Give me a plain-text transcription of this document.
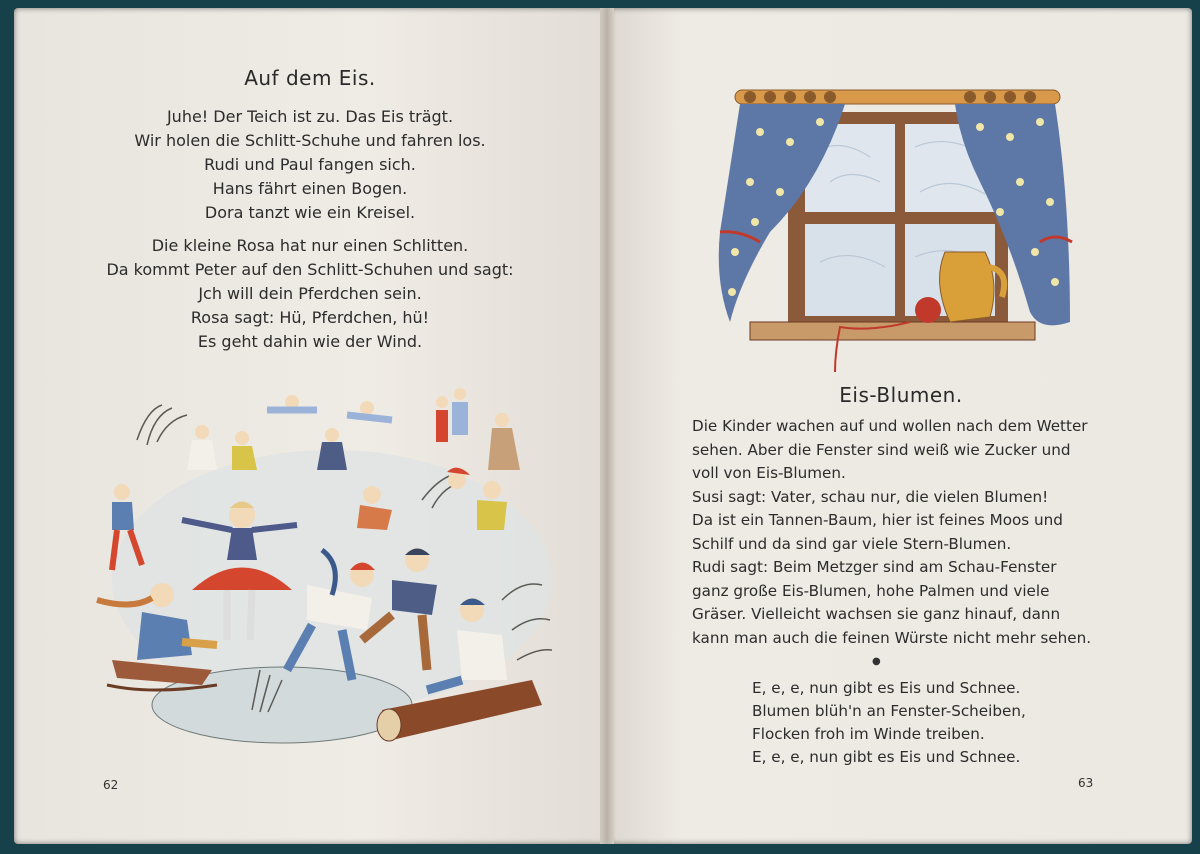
Auf dem Eis.
Juhe! Der Teich ist zu. Das Eis trägt.
Wir holen die Schlitt-Schuhe und fahren los.
Rudi und Paul fangen sich.
Hans fährt einen Bogen.
Dora tanzt wie ein Kreisel.
Die kleine Rosa hat nur einen Schlitten.
Da kommt Peter auf den Schlitt-Schuhen und sagt:
Jch will dein Pferdchen sein.
Rosa sagt: Hü, Pferdchen, hü!
Es geht dahin wie der Wind.
62
Eis-Blumen.

Die Kinder wachen auf und wollen nach dem Wetter

sehen. Aber die Fenster sind weiß wie Zucker und

voll von Eis-Blumen.

Susi sagt: Vater, schau nur, die vielen Blumen!

Da ist ein Tannen-Baum, hier ist feines Moos und

Schilf und da sind gar viele Stern-Blumen.

Rudi sagt: Beim Metzger sind am Schau-Fenster

ganz große Eis-Blumen, hohe Palmen und viele

Gräser. Vielleicht wachsen sie ganz hinauf, dann

kann man auch die feinen Würste nicht mehr sehen.

●

E, e, e, nun gibt es Eis und Schnee.

Blumen blüh'n an Fenster-Scheiben,

Flocken froh im Winde treiben.

E, e, e, nun gibt es Eis und Schnee.

63
